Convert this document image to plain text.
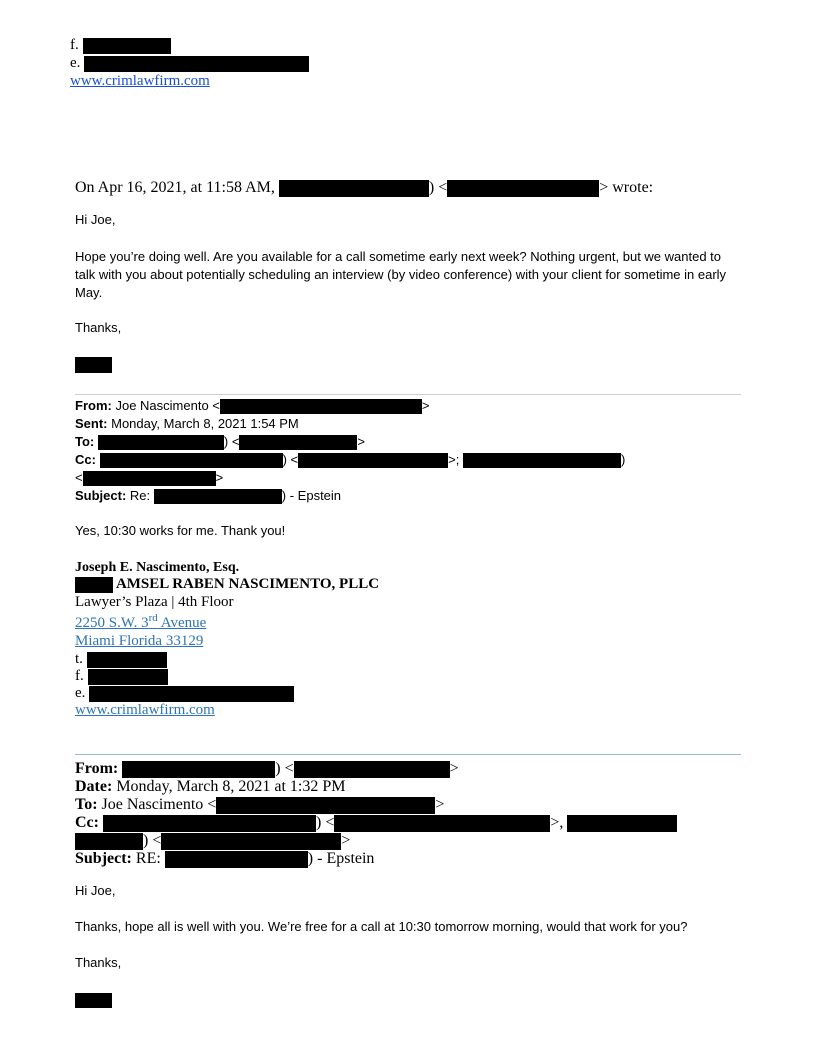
f.
e.
www.crimlawfirm.com
On Apr 16, 2021, at 11:58 AM,	) <	> wrote:
Hi Joe,
Hope you’re doing well. Are you available for a call sometime early next week? Nothing urgent, but we wanted to talk with you about potentially scheduling an interview (by video conference) with your client for sometime in early May.
Thanks,
From: Joe Nascimento <	>
Sent: Monday, March 8, 2021 1:54 PM
To:	) <	>
Cc:	) <	>;	)
<	>
Subject: Re:	) - Epstein
Yes, 10:30 works for me. Thank you!
Joseph E. Nascimento, Esq.
AMSEL RABEN NASCIMENTO, PLLC
Lawyer’s Plaza | 4th Floor
2250 S.W. 3rd Avenue
Miami Florida 33129
t.
f.
e.
www.crimlawfirm.com
From:	) <	>
Date: Monday, March 8, 2021 at 1:32 PM
To: Joe Nascimento <	>
Cc:	) <	>,
) <	>
Subject: RE:	) - Epstein
Hi Joe,
Thanks, hope all is well with you. We’re free for a call at 10:30 tomorrow morning, would that work for you?
Thanks,
